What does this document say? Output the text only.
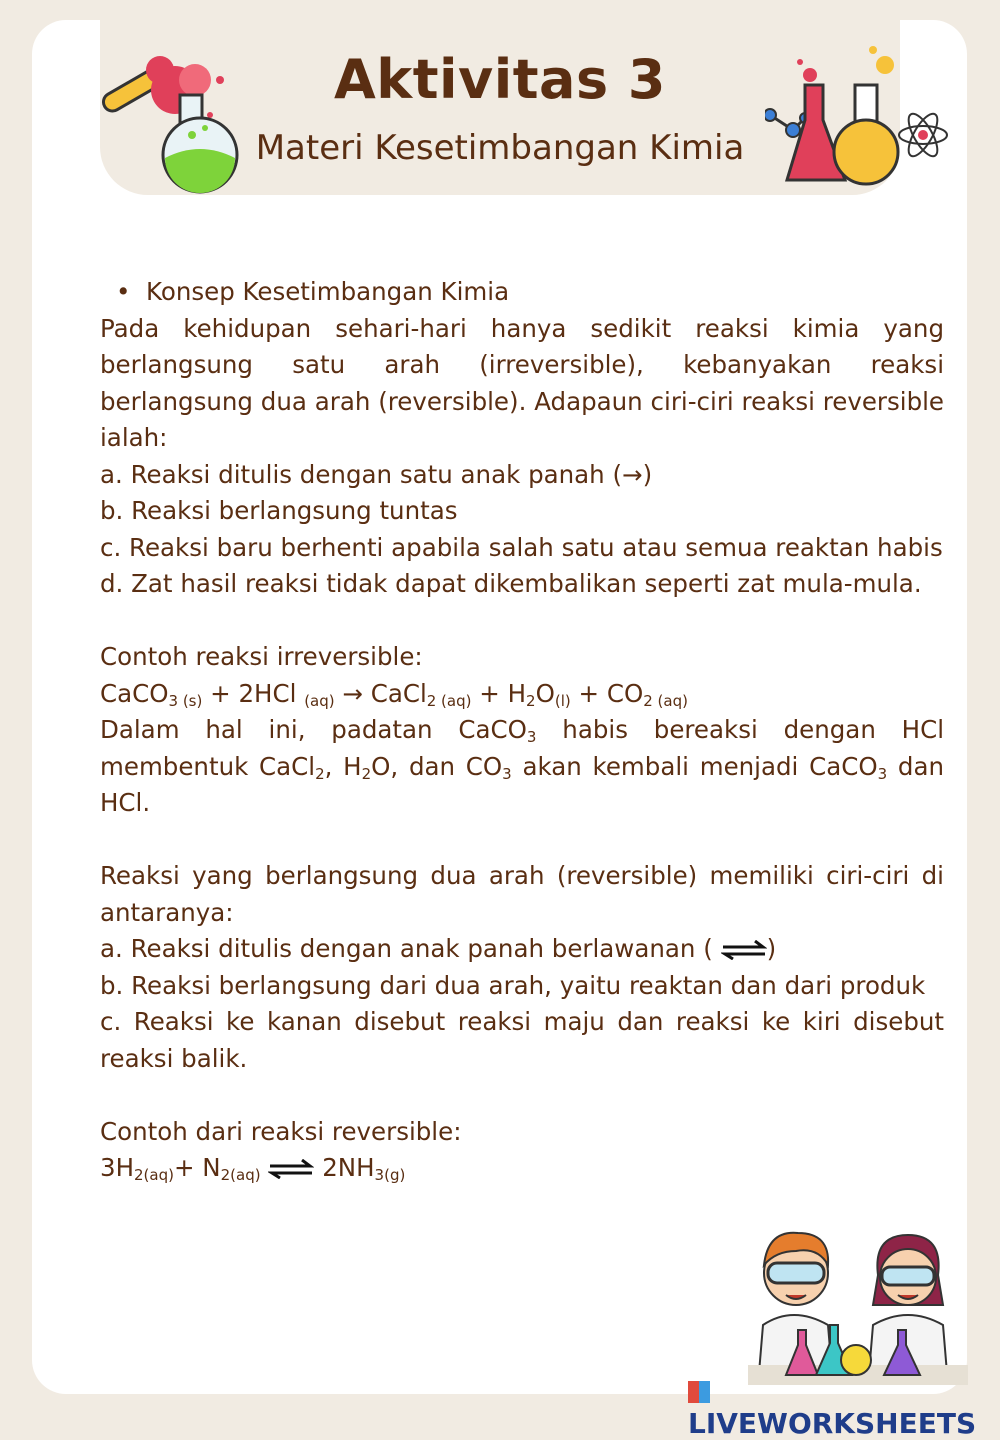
Aktivitas 3
Materi Kesetimbangan Kimia

• Konsep Kesetimbangan Kimia

Pada kehidupan sehari-hari hanya sedikit reaksi kimia yang berlangsung satu arah (irreversible), kebanyakan reaksi berlangsung dua arah (reversible). Adapaun ciri-ciri reaksi reversible ialah:

a. Reaksi ditulis dengan satu anak panah (→)

b. Reaksi berlangsung tuntas

c. Reaksi baru berhenti apabila salah satu atau semua reaktan habis

d. Zat hasil reaksi tidak dapat dikembalikan seperti zat mula-mula.

Contoh reaksi irreversible:

CaCO$_{3 (s)}$ + 2HCl $_{(aq)}$ → CaCl$_{2 (aq)}$ + $H_2O_{(l)} + CO_{2 (aq)}$

Dalam hal ini, padatan CaCO$_3$ habis bereaksi dengan HCl membentuk CaCl$_2$, $H_2O$, dan $CO_3$ akan kembali menjadi CaCO$_3$ dan HCl.

Reaksi yang berlangsung dua arah (reversible) memiliki ciri-ciri di antaranya:

a. Reaksi ditulis dengan anak panah berlawanan ( ⇌)

b. Reaksi berlangsung dari dua arah, yaitu reaktan dan dari produk

c. Reaksi ke kanan disebut reaksi maju dan reaksi ke kiri disebut reaksi balik.

Contoh dari reaksi reversible:

$3H_{2(aq)}+ N_{2(aq)}$ ⇌ $2NH_{3(g)}$

LIVEWORKSHEETS
